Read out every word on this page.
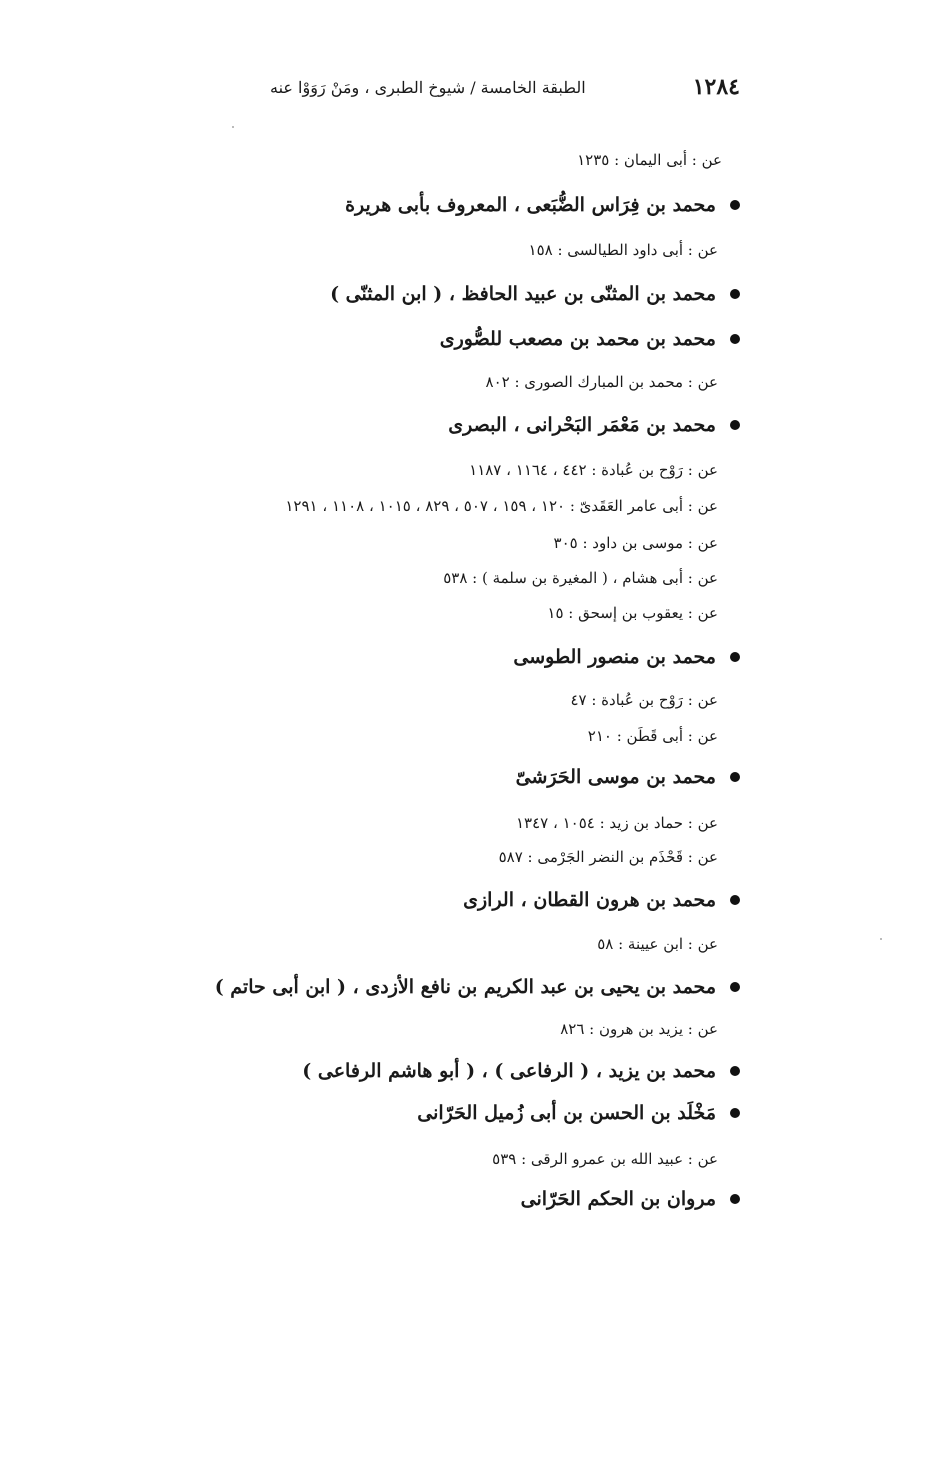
١٢٨٤
الطبقة الخامسة / شيوخ الطبرى ، ومَنْ رَوَوْا عنه
عن : أبى اليمان : ١٢٣٥
محمد بن فِرَاس الضُّبَعى ، المعروف بأبى هريرة
عن : أبى داود الطيالسى : ١٥٨
محمد بن المثنّى بن عبيد الحافظ ، ( ابن المثنّى )
محمد بن محمد بن مصعب للصُّورى
عن : محمد بن المبارك الصورى : ٨٠٢
محمد بن مَعْمَر البَحْرانى ، البصرى
عن : رَوْح بن عُبادة : ٤٤٢ ، ١١٦٤ ، ١١٨٧
عن : أبى عامر العَقَدىّ : ١٢٠ ، ١٥٩ ، ٥٠٧ ، ٨٢٩ ، ١٠١٥ ، ١١٠٨ ، ١٢٩١
عن : موسى بن داود : ٣٠٥
عن : أبى هشام ، ( المغيرة بن سلمة ) : ٥٣٨
عن : يعقوب بن إسحق : ١٥
محمد بن منصور الطوسى
عن : رَوْح بن عُبادة : ٤٧
عن : أبى قَطَن : ٢١٠
محمد بن موسى الحَرَشىّ
عن : حماد بن زيد : ١٠٥٤ ، ١٣٤٧
عن : قَحْذَم بن النضر الجَرْمى : ٥٨٧
محمد بن هرون القطان ، الرازى
عن : ابن عيينة : ٥٨
محمد بن يحيى بن عبد الكريم بن نافع الأزدى ، ( ابن أبى حاتم )
عن : يزيد بن هرون : ٨٢٦
محمد بن يزيد ، ( الرفاعى ) ، ( أبو هاشم الرفاعى )
مَخْلَد بن الحسن بن أبى زُميل الحَرّانى
عن : عبيد الله بن عمرو الرقى : ٥٣٩
مروان بن الحكم الحَرّانى
